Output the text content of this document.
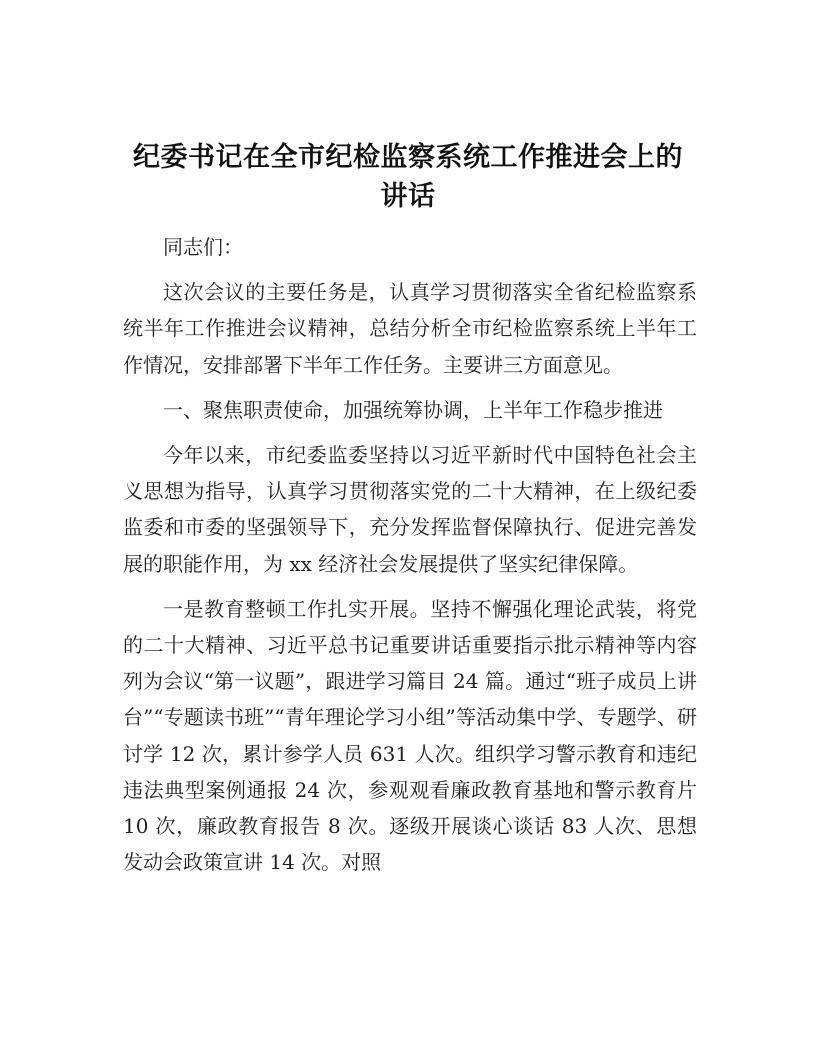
纪委书记在全市纪检监察系统工作推进会上的
讲话

同志们：

这次会议的主要任务是，认真学习贯彻落实全省纪检监察系统半年工作推进会议精神，总结分析全市纪检监察系统上半年工作情况，安排部署下半年工作任务。主要讲三方面意见。

一、聚焦职责使命，加强统筹协调，上半年工作稳步推进

今年以来，市纪委监委坚持以习近平新时代中国特色社会主义思想为指导，认真学习贯彻落实党的二十大精神，在上级纪委监委和市委的坚强领导下，充分发挥监督保障执行、促进完善发展的职能作用，为 xx 经济社会发展提供了坚实纪律保障。

一是教育整顿工作扎实开展。坚持不懈强化理论武装，将党的二十大精神、习近平总书记重要讲话重要指示批示精神等内容列为会议“第一议题”，跟进学习篇目 24 篇。通过“班子成员上讲台”“专题读书班”“青年理论学习小组”等活动集中学、专题学、研讨学 12 次，累计参学人员 631 人次。组织学习警示教育和违纪违法典型案例通报 24 次，参观观看廉政教育基地和警示教育片 10 次，廉政教育报告 8 次。逐级开展谈心谈话 83 人次、思想发动会政策宣讲 14 次。对照
